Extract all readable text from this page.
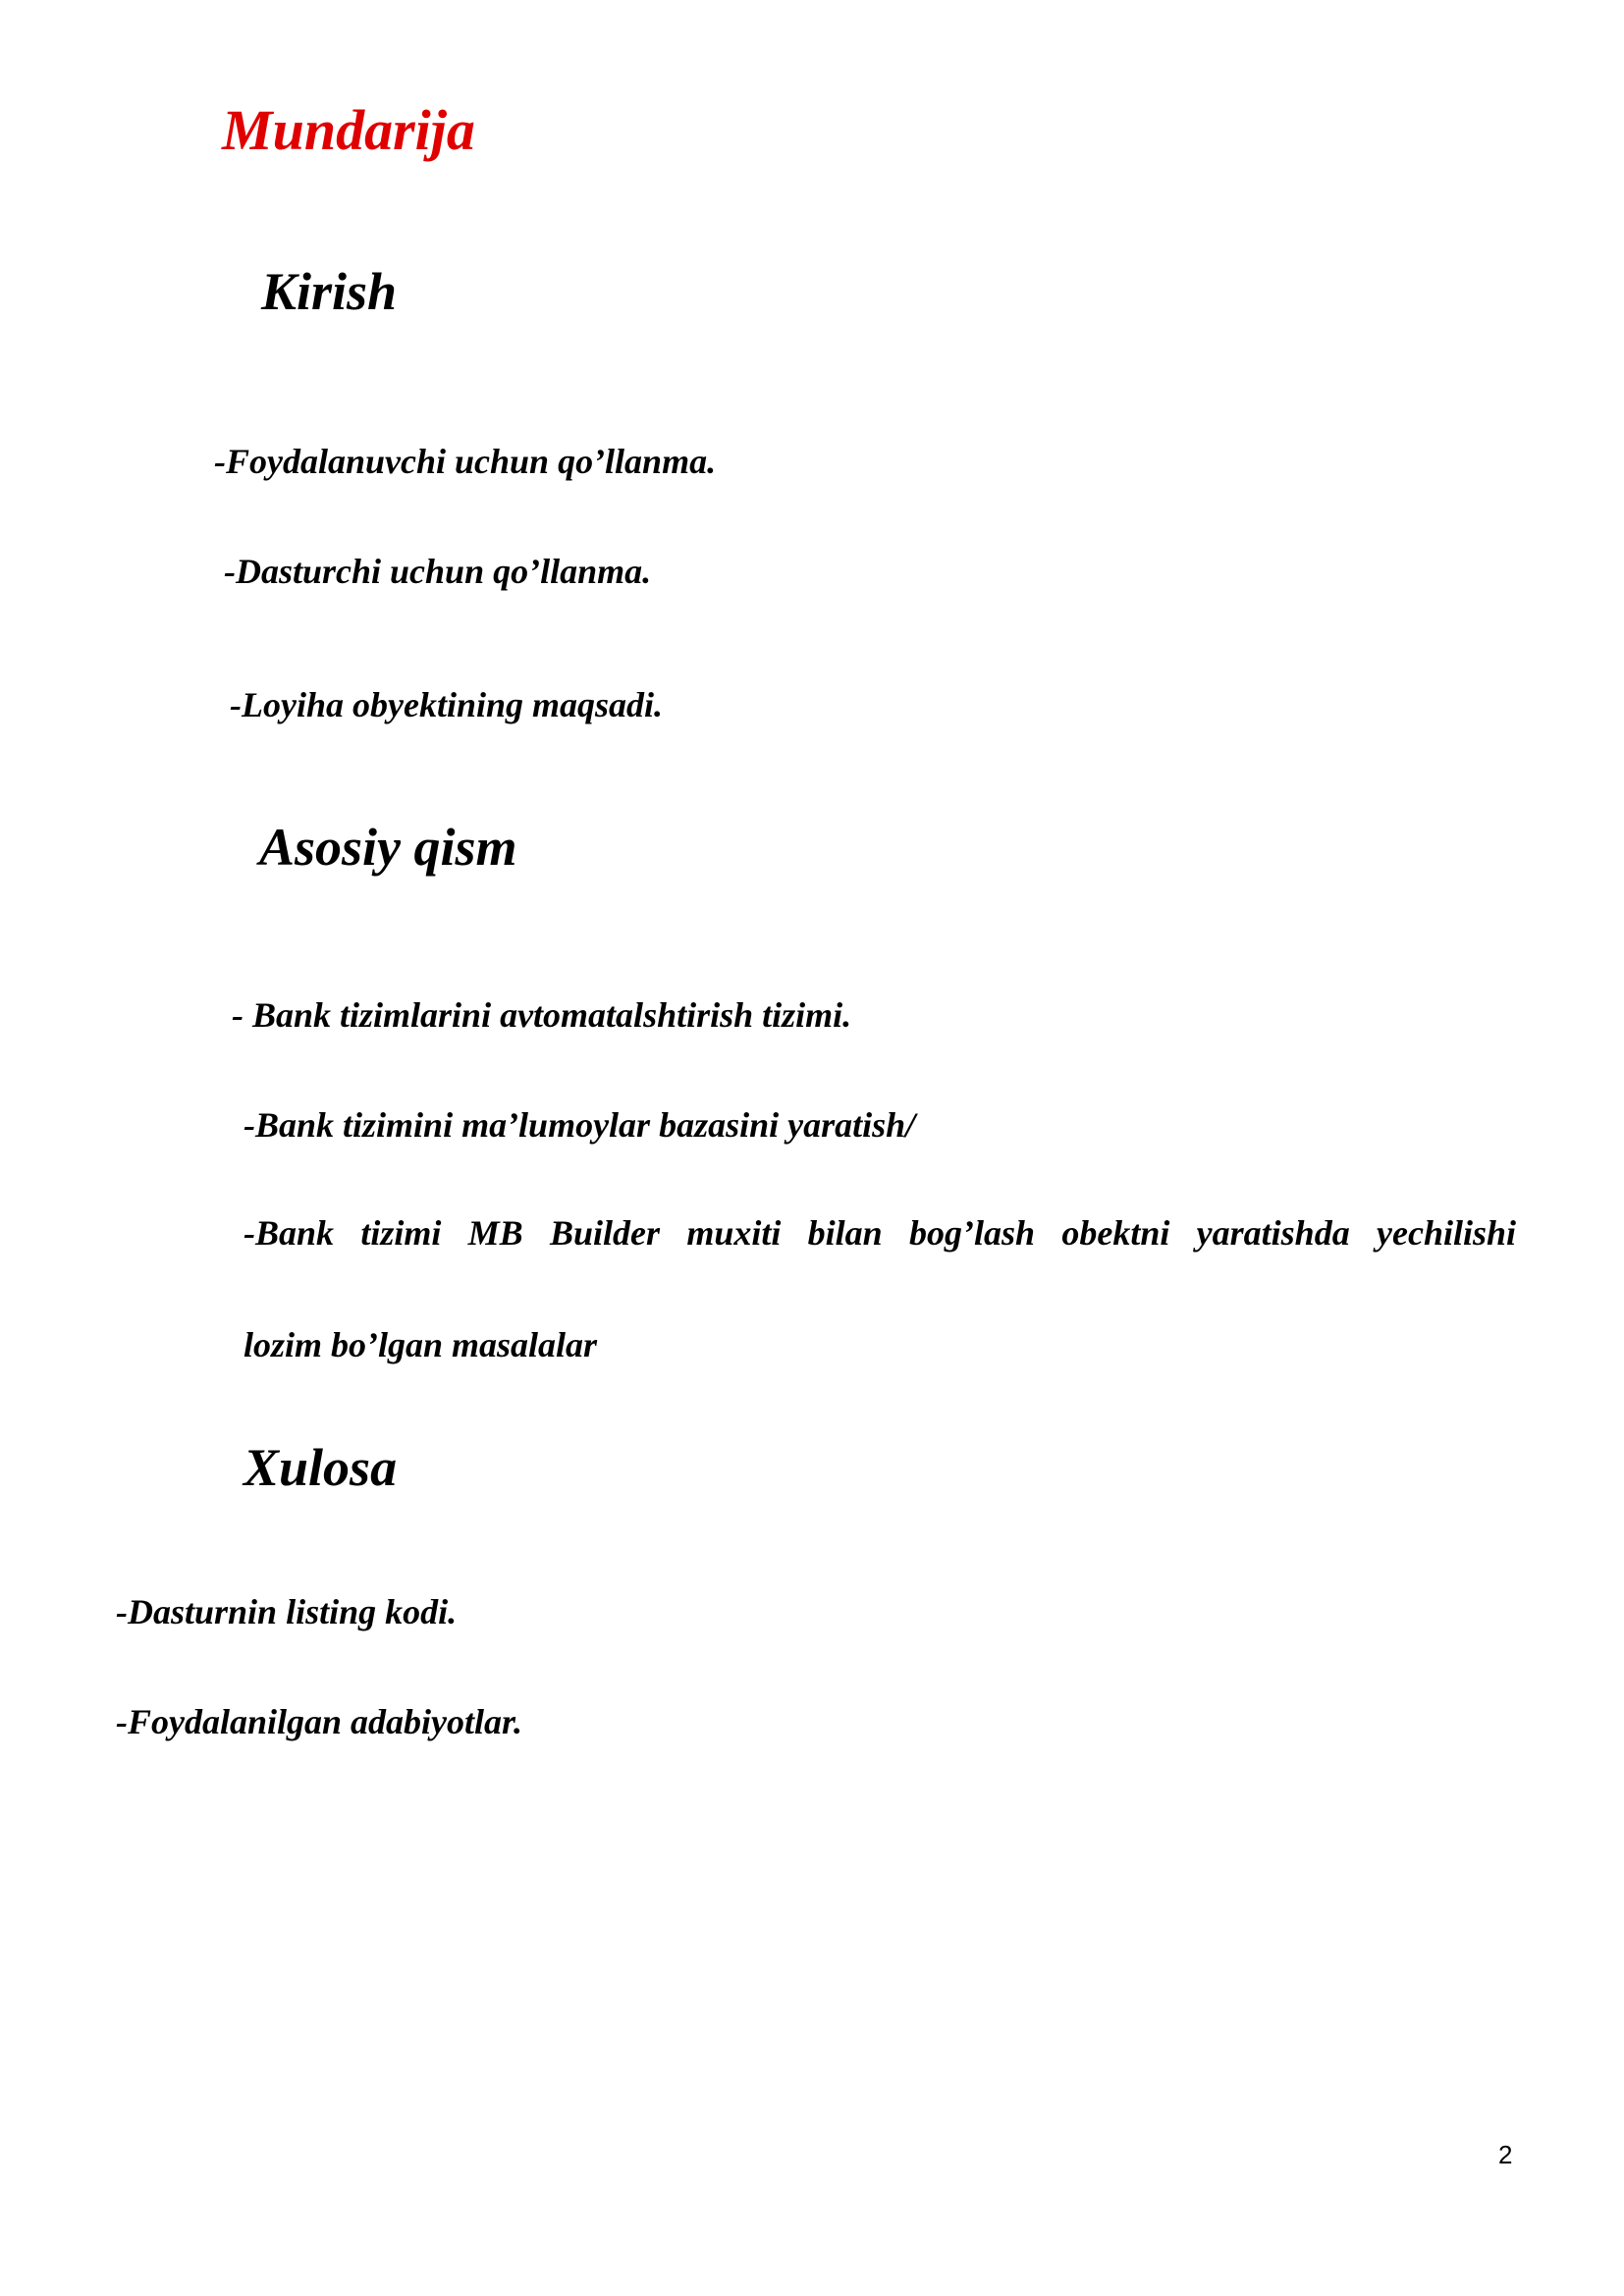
Mundarija
Kirish

-Foydalanuvchi uchun qo’llanma.

-Dasturchi uchun qo’llanma.

-Loyiha obyektining maqsadi.

Asosiy qism

- Bank tizimlarini avtomatalshtirish tizimi.

-Bank tizimini ma’lumoylar bazasini yaratish/

-Bank tizimi MB Builder muxiti bilan bog’lash obektni yaratishda yechilishi

lozim bo’lgan masalalar

Xulosa

-Dasturnin listing kodi.

-Foydalanilgan adabiyotlar.

2
